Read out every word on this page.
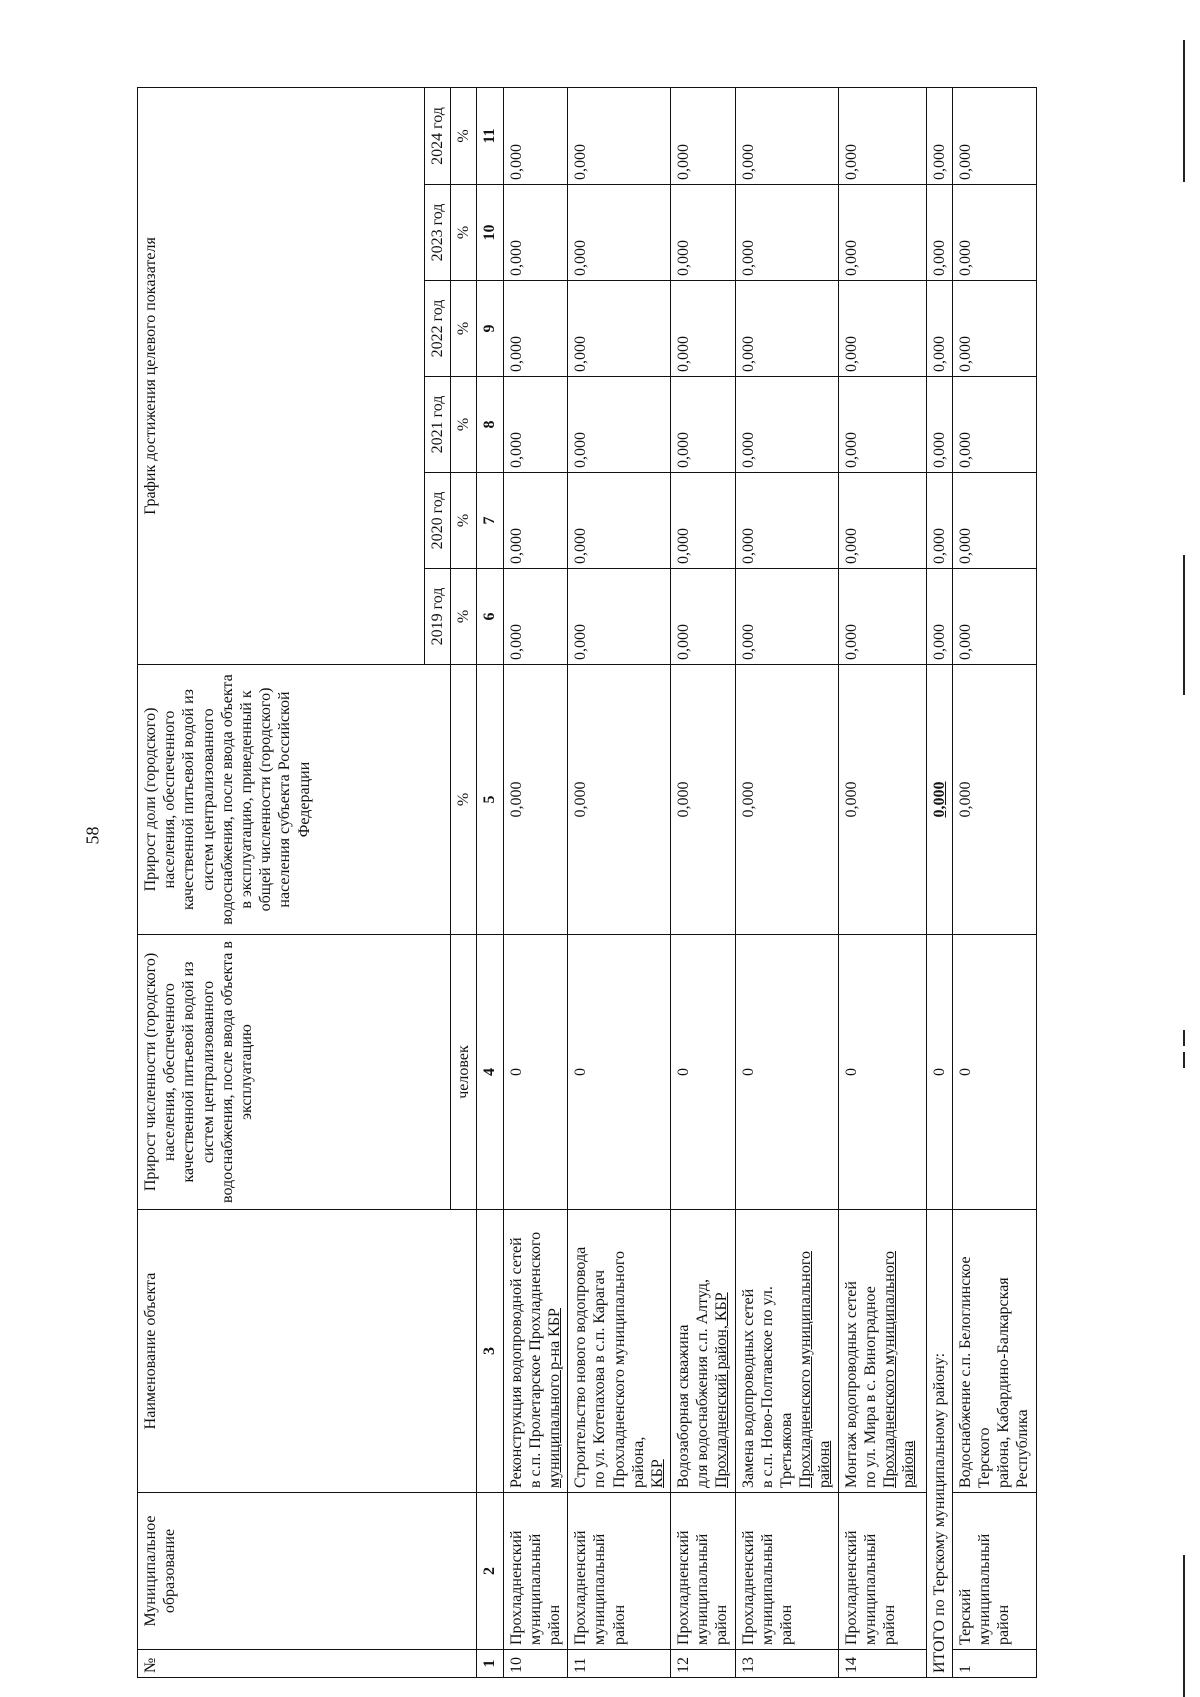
58
№	Муниципальное образование	Наименование объекта	Прирост численности (городского) населения, обеспеченного качественной питьевой водой из систем централизованного водоснабжения, после ввода объекта в эксплуатацию	Прирост доли (городского) населения, обеспеченного качественной питьевой водой из систем централизованного водоснабжения, после ввода объекта в эксплуатацию, приведенный к общей численности (городского) населения субъекта Российской Федерации	График достижения целевого показателя					
					2019 год	2020 год	2021 год	2022 год	2023 год	2024 год
			человек	%	%	%	%	%	%	%
1	2	3	4	5	6	7	8	9	10	11
10	Прохладненский муниципальный район	Реконструкция водопроводной сетей в с.п. Пролетарское Прохладненского муниципального р-на КБР	0	0,000	0,000	0,000	0,000	0,000	0,000	0,000
11	Прохладненский муниципальный район	Строительство нового водопровода по ул. Котепахова в с.п. Карагач Прохладненского муниципального района, КБР	0	0,000	0,000	0,000	0,000	0,000	0,000	0,000
12	Прохладненский муниципальный район	Водозаборная скважина для водоснабжения с.п. Алтуд, Прохладненский район, КБР	0	0,000	0,000	0,000	0,000	0,000	0,000	0,000
13	Прохладненский муниципальный район	Замена водопроводных сетей в с.п. Ново-Полтавское по ул. Третьякова Прохладненского муниципального района	0	0,000	0,000	0,000	0,000	0,000	0,000	0,000
14	Прохладненский муниципальный район	Монтаж водопроводных сетей по ул. Мира в с. Виноградное Прохладненского муниципального района	0	0,000	0,000	0,000	0,000	0,000	0,000	0,000
ИТОГО по Терскому муниципальному району:			0	0,000	0,000	0,000	0,000	0,000	0,000	0,000
1	Терский муниципальный район	Водоснабжение с.п. Белоглинское Терского района, Кабардино-Балкарская Республика	0	0,000	0,000	0,000	0,000	0,000	0,000	0,000
